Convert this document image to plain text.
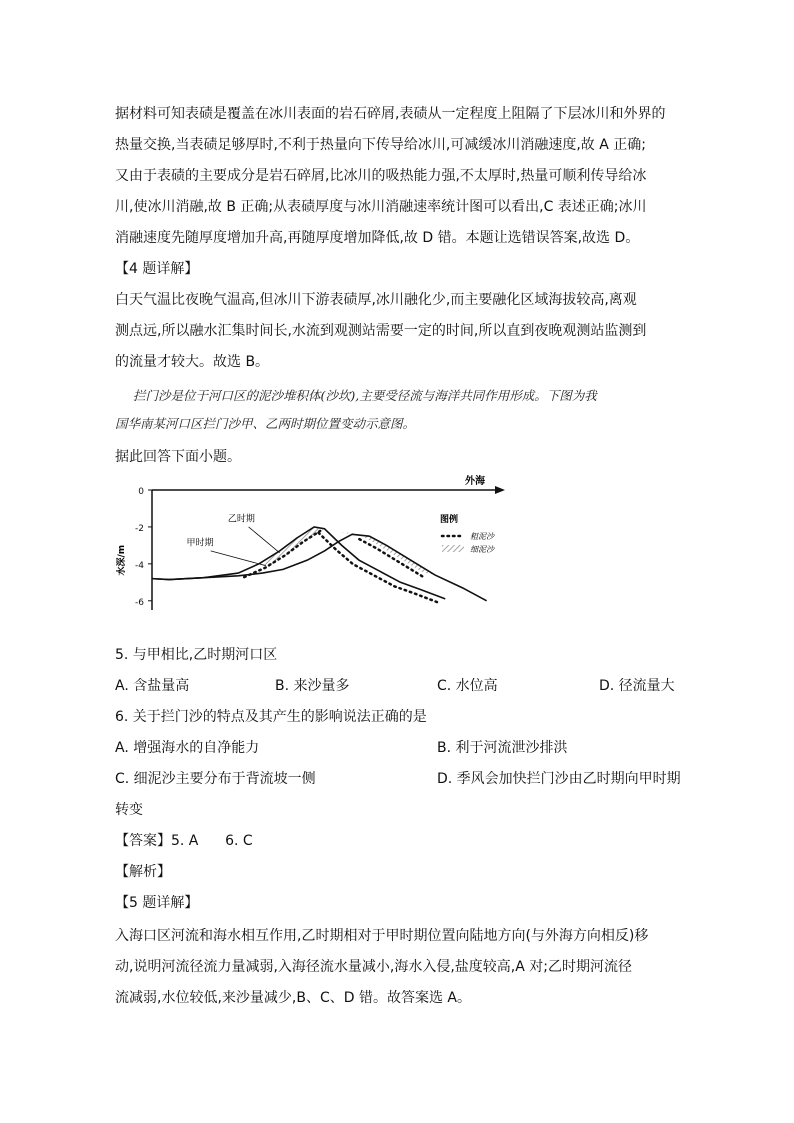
据材料可知表碛是覆盖在冰川表面的岩石碎屑,表碛从一定程度上阻隔了下层冰川和外界的
热量交换,当表碛足够厚时,不利于热量向下传导给冰川,可减缓冰川消融速度,故 A 正确;
又由于表碛的主要成分是岩石碎屑,比冰川的吸热能力强,不太厚时,热量可顺利传导给冰
川,使冰川消融,故 B 正确;从表碛厚度与冰川消融速率统计图可以看出,C 表述正确;冰川
消融速度先随厚度增加升高,再随厚度增加降低,故 D 错。本题让选错误答案,故选 D。
【4 题详解】
白天气温比夜晚气温高,但冰川下游表碛厚,冰川融化少,而主要融化区域海拔较高,离观
测点远,所以融水汇集时间长,水流到观测站需要一定的时间,所以直到夜晚观测站监测到
的流量才较大。故选 B。
拦门沙是位于河口区的泥沙堆积体(沙坎),主要受径流与海洋共同作用形成。下图为我
国华南某河口区拦门沙甲、乙两时期位置变动示意图。
据此回答下面小题。
0
-2
-4
-6
水深/m
外海
乙时期
甲时期
图例
粗泥沙
细泥沙
5. 与甲相比,乙时期河口区
A. 含盐量高	B. 来沙量多	C. 水位高	D. 径流量大
6. 关于拦门沙的特点及其产生的影响说法正确的是
A. 增强海水的自净能力	B. 利于河流泄沙排洪
C. 细泥沙主要分布于背流坡一侧	D. 季风会加快拦门沙由乙时期向甲时期
转变
【答案】5. A      6. C
【解析】
【5 题详解】
入海口区河流和海水相互作用,乙时期相对于甲时期位置向陆地方向(与外海方向相反)移
动,说明河流径流力量减弱,入海径流水量减小,海水入侵,盐度较高,A 对;乙时期河流径
流减弱,水位较低,来沙量减少,B、C、D 错。故答案选 A。
